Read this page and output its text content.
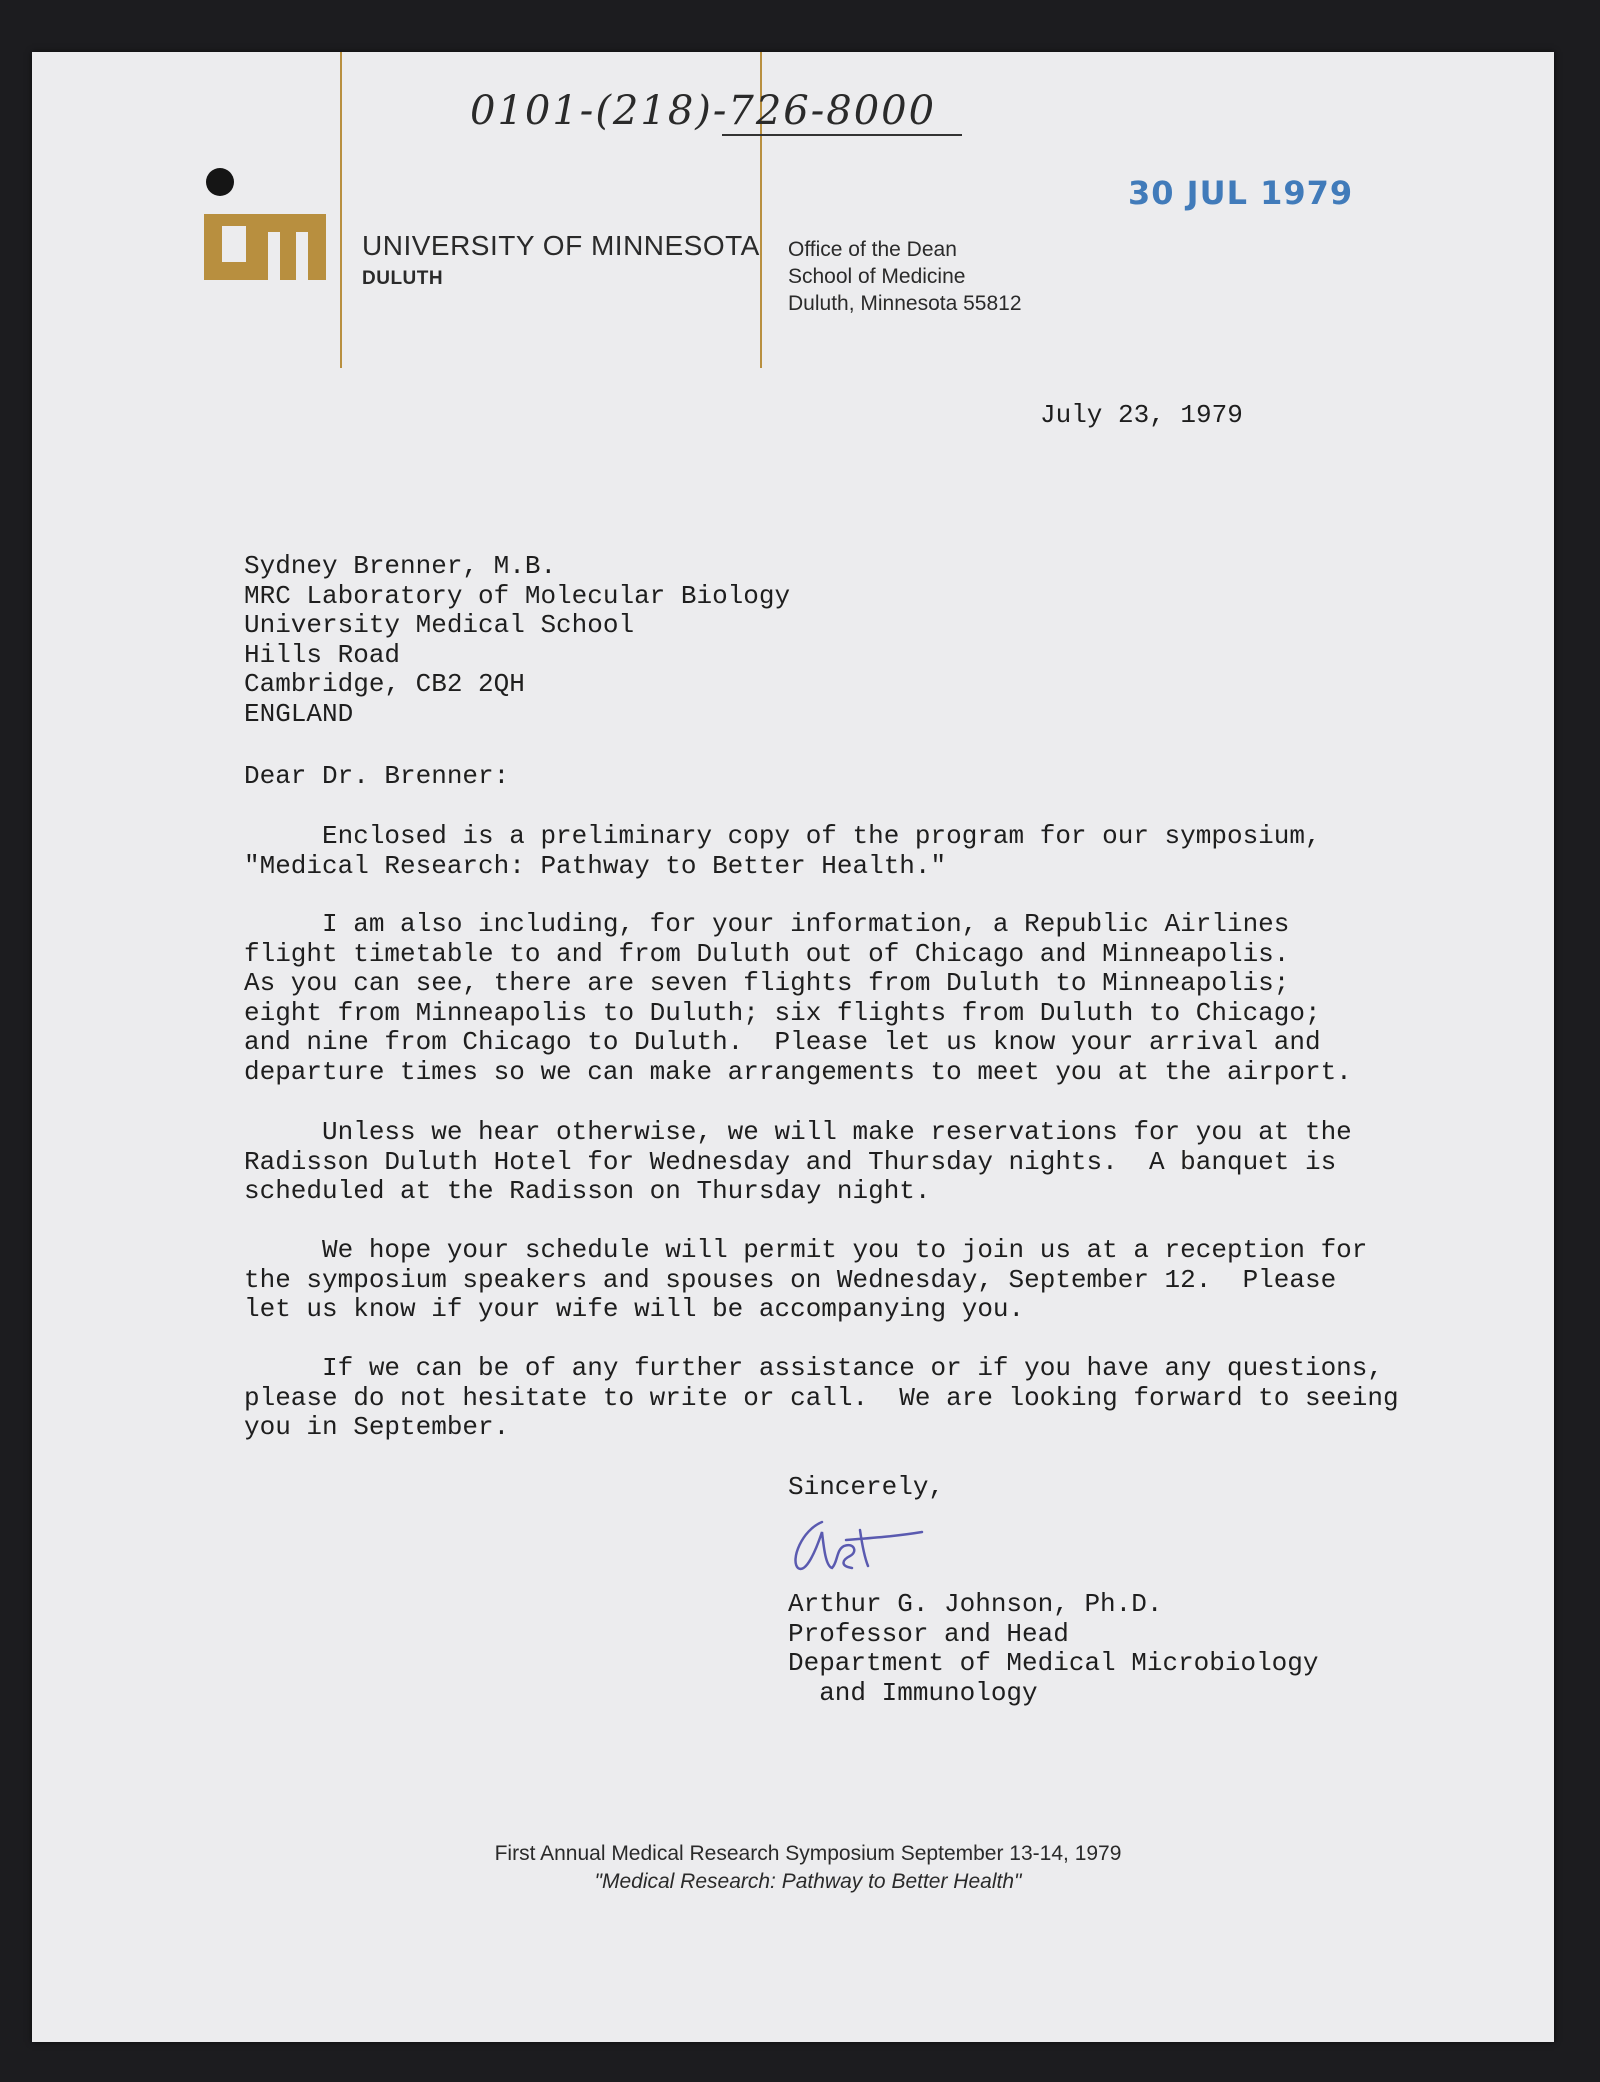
0101-(218)-726-8000
30 JUL 1979
UNIVERSITY OF MINNESOTA
DULUTH
Office of the Dean
School of Medicine
Duluth, Minnesota 55812
July 23, 1979
Sydney Brenner, M.B.
MRC Laboratory of Molecular Biology
University Medical School
Hills Road
Cambridge, CB2 2QH
ENGLAND
Dear Dr. Brenner:
Enclosed is a preliminary copy of the program for our symposium,
"Medical Research: Pathway to Better Health."
I am also including, for your information, a Republic Airlines
flight timetable to and from Duluth out of Chicago and Minneapolis.
As you can see, there are seven flights from Duluth to Minneapolis;
eight from Minneapolis to Duluth; six flights from Duluth to Chicago;
and nine from Chicago to Duluth.  Please let us know your arrival and
departure times so we can make arrangements to meet you at the airport.
Unless we hear otherwise, we will make reservations for you at the
Radisson Duluth Hotel for Wednesday and Thursday nights.  A banquet is
scheduled at the Radisson on Thursday night.
We hope your schedule will permit you to join us at a reception for
the symposium speakers and spouses on Wednesday, September 12.  Please
let us know if your wife will be accompanying you.
If we can be of any further assistance or if you have any questions,
please do not hesitate to write or call.  We are looking forward to seeing
you in September.
Sincerely,
Arthur G. Johnson, Ph.D.
Professor and Head
Department of Medical Microbiology
and Immunology
First Annual Medical Research Symposium September 13-14, 1979
"Medical Research: Pathway to Better Health"
